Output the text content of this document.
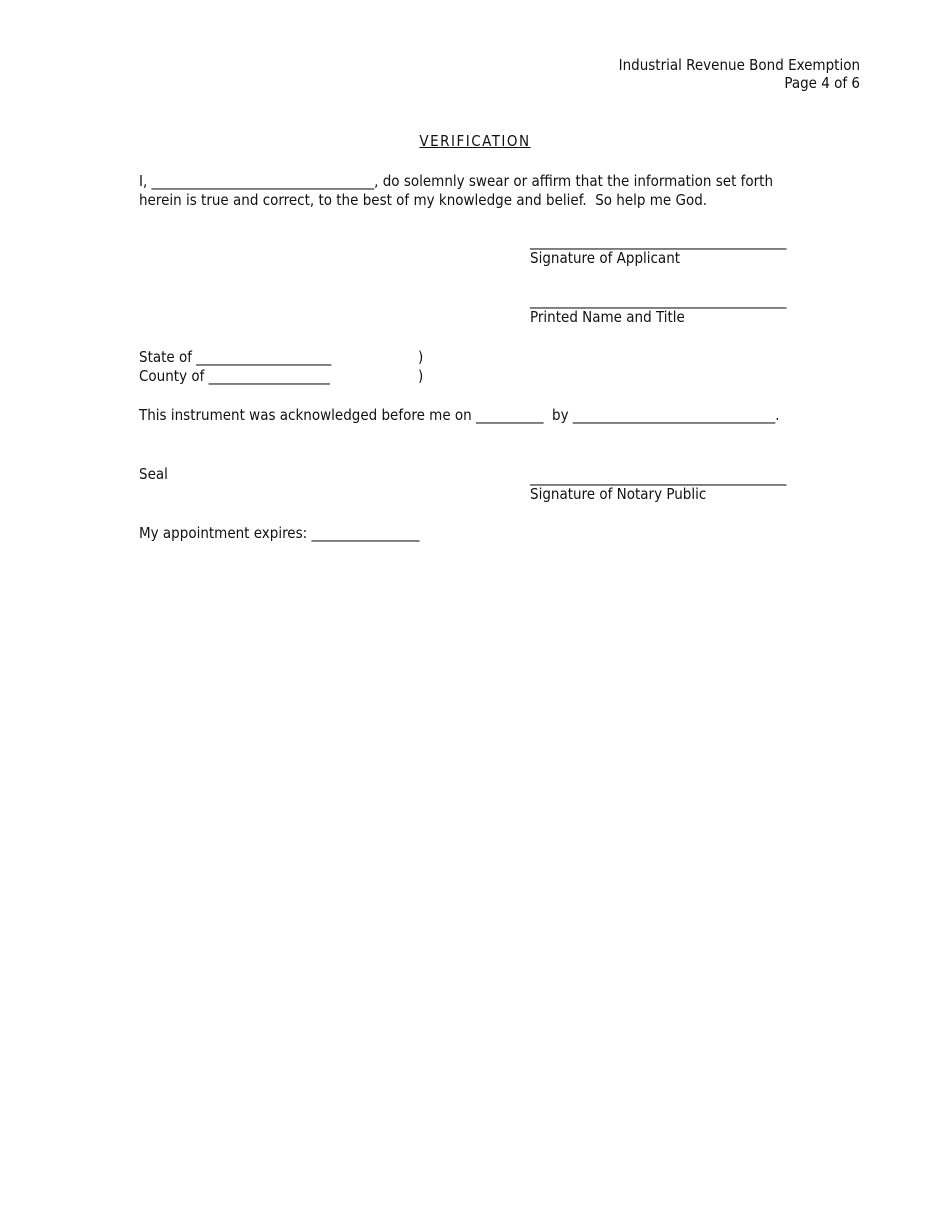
Industrial Revenue Bond Exemption
Page 4 of 6
VERIFICATION
I, _________________________________, do solemnly swear or affirm that the information set forth
herein is true and correct, to the best of my knowledge and belief.  So help me God.
______________________________________
Signature of Applicant
______________________________________
Printed Name and Title
State of ____________________	)
County of __________________	)
This instrument was acknowledged before me on __________  by ______________________________.
Seal	______________________________________
Signature of Notary Public
My appointment expires: ________________
